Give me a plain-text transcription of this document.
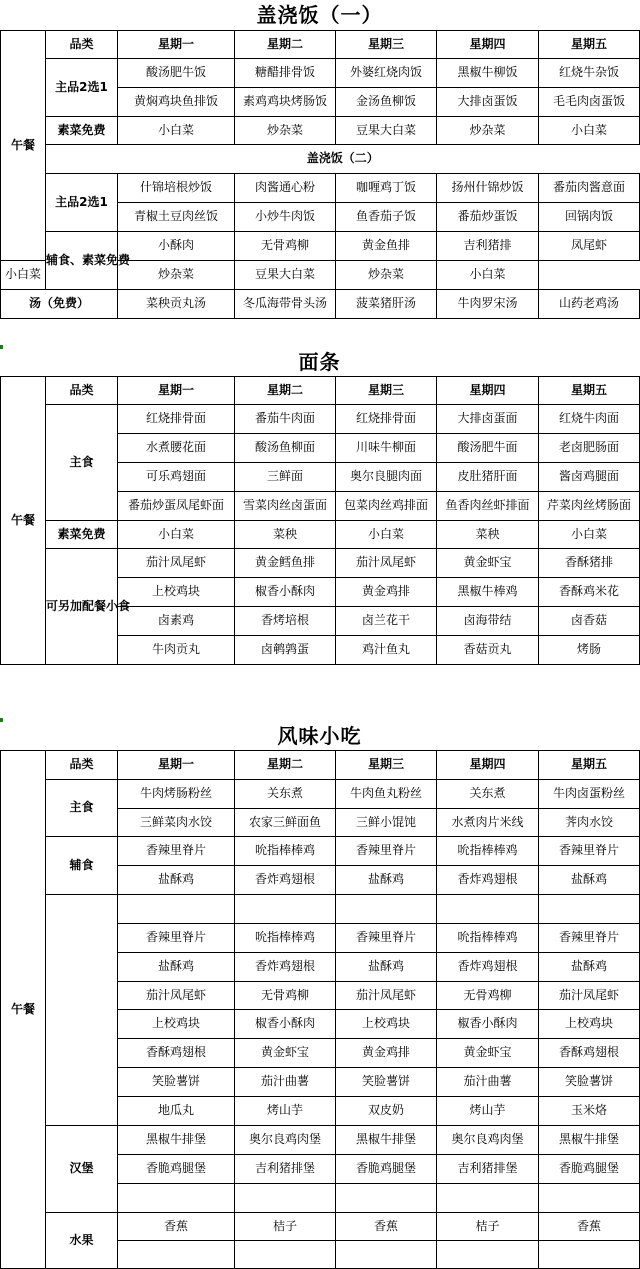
盖浇饭（一）
午餐	品类	星期一	星期二	星期三	星期四	星期五
	主品2选1	酸汤肥牛饭	糖醋排骨饭	外婆红烧肉饭	黑椒牛柳饭	红烧牛杂饭
		黄焖鸡块鱼排饭	素鸡鸡块烤肠饭	金汤鱼柳饭	大排卤蛋饭	毛毛肉卤蛋饭
	素菜免费	小白菜	炒杂菜	豆果大白菜	炒杂菜	小白菜
	盖浇饭（二）					
	主品2选1	什锦培根炒饭	肉酱通心粉	咖喱鸡丁饭	扬州什锦炒饭	番茄肉酱意面
		青椒土豆肉丝饭	小炒牛肉饭	鱼香茄子饭	番茄炒蛋饭	回锅肉饭
	辅食、素菜免费	小酥肉	无骨鸡柳	黄金鱼排	吉利猪排	凤尾虾
小白菜		炒杂菜	豆果大白菜	炒杂菜	小白菜	
汤（免费）		菜秧贡丸汤	冬瓜海带骨头汤	菠菜猪肝汤	牛肉罗宋汤	山药老鸡汤
面条
午餐	品类	星期一	星期二	星期三	星期四	星期五
	主食	红烧排骨面	番茄牛肉面	红烧排骨面	大排卤蛋面	红烧牛肉面
		水煮腰花面	酸汤鱼柳面	川味牛柳面	酸汤肥牛面	老卤肥肠面
		可乐鸡翅面	三鲜面	奥尔良腿肉面	皮肚猪肝面	酱卤鸡腿面
		番茄炒蛋凤尾虾面	雪菜肉丝卤蛋面	包菜肉丝鸡排面	鱼香肉丝虾排面	芹菜肉丝烤肠面
	素菜免费	小白菜	菜秧	小白菜	菜秧	小白菜
	可另加配餐小食	茄汁凤尾虾	黄金鳕鱼排	茄汁凤尾虾	黄金虾宝	香酥猪排
		上校鸡块	椒香小酥肉	黄金鸡排	黑椒牛棒鸡	香酥鸡米花
		卤素鸡	香烤培根	卤兰花干	卤海带结	卤香菇
		牛肉贡丸	卤鹌鹑蛋	鸡汁鱼丸	香菇贡丸	烤肠
风味小吃
午餐	品类	星期一	星期二	星期三	星期四	星期五
	主食	牛肉烤肠粉丝	关东煮	牛肉鱼丸粉丝	关东煮	牛肉卤蛋粉丝
		三鲜菜肉水饺	农家三鲜面鱼	三鲜小馄饨	水煮肉片米线	荠肉水饺
	辅食	香辣里脊片	吮指棒棒鸡	香辣里脊片	吮指棒棒鸡	香辣里脊片
		盐酥鸡	香炸鸡翅根	盐酥鸡	香炸鸡翅根	盐酥鸡

		香辣里脊片	吮指棒棒鸡	香辣里脊片	吮指棒棒鸡	香辣里脊片
		盐酥鸡	香炸鸡翅根	盐酥鸡	香炸鸡翅根	盐酥鸡
		茄汁凤尾虾	无骨鸡柳	茄汁凤尾虾	无骨鸡柳	茄汁凤尾虾
		上校鸡块	椒香小酥肉	上校鸡块	椒香小酥肉	上校鸡块
		香酥鸡翅根	黄金虾宝	黄金鸡排	黄金虾宝	香酥鸡翅根
		笑脸薯饼	茄汁曲薯	笑脸薯饼	茄汁曲薯	笑脸薯饼
		地瓜丸	烤山芋	双皮奶	烤山芋	玉米烙
	汉堡	黑椒牛排堡	奥尔良鸡肉堡	黑椒牛排堡	奥尔良鸡肉堡	黑椒牛排堡
		香脆鸡腿堡	吉利猪排堡	香脆鸡腿堡	吉利猪排堡	香脆鸡腿堡

	水果	香蕉	桔子	香蕉	桔子	香蕉
